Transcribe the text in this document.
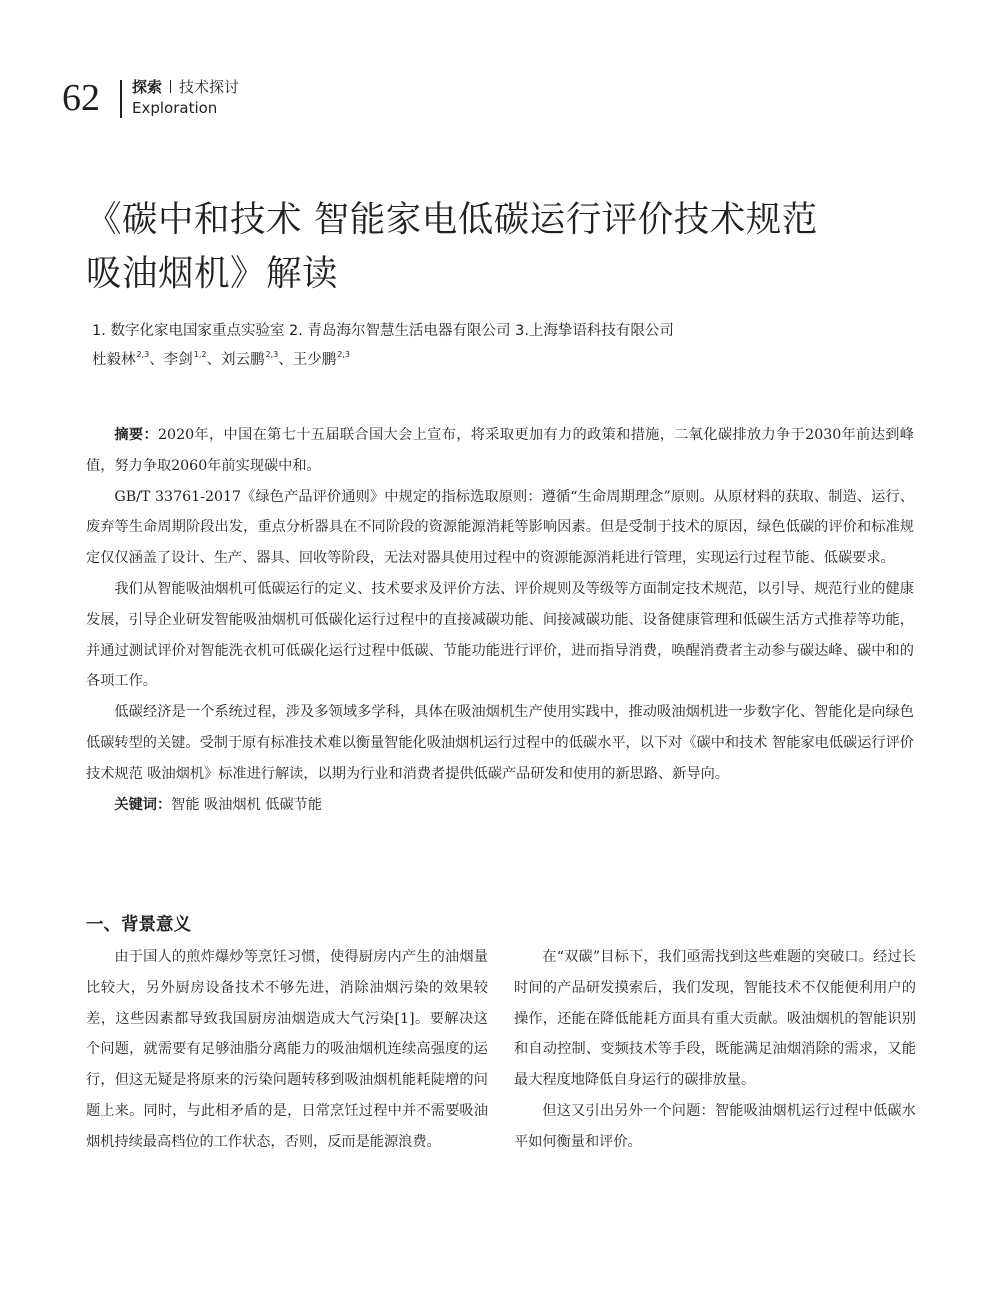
62 探索 技术探讨
Exploration
《碳中和技术 智能家电低碳运行评价技术规范
吸油烟机》解读
1. 数字化家电国家重点实验室 2. 青岛海尔智慧生活电器有限公司 3.上海挚语科技有限公司
杜毅林$^{2,3}$、李剑$^{1,2}$、刘云鹏$^{2,3}$、王少鹏$^{2,3}$

摘要：2020年，中国在第七十五届联合国大会上宣布，将采取更加有力的政策和措施，二氧化碳排放力争于2030年前达到峰值，努力争取2060年前实现碳中和。

GB/T 33761-2017《绿色产品评价通则》中规定的指标选取原则：遵循“生命周期理念”原则。从原材料的获取、制造、运行、废弃等生命周期阶段出发，重点分析器具在不同阶段的资源能源消耗等影响因素。但是受制于技术的原因，绿色低碳的评价和标准规定仅仅涵盖了设计、生产、器具、回收等阶段，无法对器具使用过程中的资源能源消耗进行管理，实现运行过程节能、低碳要求。

我们从智能吸油烟机可低碳运行的定义、技术要求及评价方法、评价规则及等级等方面制定技术规范，以引导、规范行业的健康发展，引导企业研发智能吸油烟机可低碳化运行过程中的直接减碳功能、间接减碳功能、设备健康管理和低碳生活方式推荐等功能，并通过测试评价对智能洗衣机可低碳化运行过程中低碳、节能功能进行评价，进而指导消费，唤醒消费者主动参与碳达峰、碳中和的各项工作。

低碳经济是一个系统过程，涉及多领域多学科，具体在吸油烟机生产使用实践中，推动吸油烟机进一步数字化、智能化是向绿色低碳转型的关键。受制于原有标准技术难以衡量智能化吸油烟机运行过程中的低碳水平，以下对《碳中和技术 智能家电低碳运行评价技术规范 吸油烟机》标准进行解读，以期为行业和消费者提供低碳产品研发和使用的新思路、新导向。

关键词：智能 吸油烟机 低碳节能

一、背景意义

由于国人的煎炸爆炒等烹饪习惯，使得厨房内产生的油烟量比较大，另外厨房设备技术不够先进，消除油烟污染的效果较差，这些因素都导致我国厨房油烟造成大气污染[1]。要解决这个问题，就需要有足够油脂分离能力的吸油烟机连续高强度的运行，但这无疑是将原来的污染问题转移到吸油烟机能耗陡增的问题上来。同时，与此相矛盾的是，日常烹饪过程中并不需要吸油烟机持续最高档位的工作状态，否则，反而是能源浪费。

在“双碳”目标下，我们亟需找到这些难题的突破口。经过长时间的产品研发摸索后，我们发现，智能技术不仅能便利用户的操作，还能在降低能耗方面具有重大贡献。吸油烟机的智能识别和自动控制、变频技术等手段，既能满足油烟消除的需求，又能最大程度地降低自身运行的碳排放量。

但这又引出另外一个问题：智能吸油烟机运行过程中低碳水平如何衡量和评价。
